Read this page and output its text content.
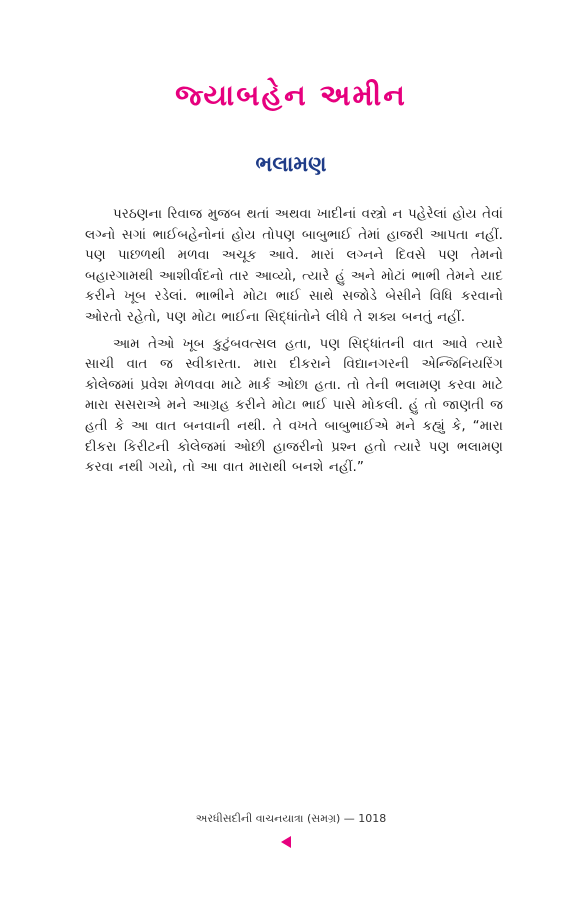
જ્યાબહેન અમીન
ભલામણ

પરઠણના રિવાજ મુજબ થતાં અથવા ખાદીનાં વસ્ત્રો ન પહેરેલાં હોય તેવાં લગ્નો સગાં ભાઈબહેનોનાં હોય તોપણ બાબુભાઈ તેમાં હાજરી આપતા નહીં. પણ પાછળથી મળવા અચૂક આવે. મારાં લગ્નને દિવસે પણ તેમનો બહારગામથી આશીર્વાદનો તાર આવ્યો, ત્યારે હું અને મોટાં ભાભી તેમને યાદ કરીને ખૂબ રડેલાં. ભાભીને મોટા ભાઈ સાથે સજોડે બેસીને વિધિ કરવાનો ઓરતો રહેતો, પણ મોટા ભાઈના સિદ્ધાંતોને લીધે તે શક્ય બનતું નહીં.

આમ તેઓ ખૂબ કુટુંબવત્સલ હતા, પણ સિદ્ધાંતની વાત આવે ત્યારે સાચી વાત જ સ્વીકારતા. મારા દીકરાને વિદ્યાનગરની એન્જિનિયરિંગ કોલેજમાં પ્રવેશ મેળવવા માટે માર્ક ઓછા હતા. તો તેની ભલામણ કરવા માટે મારા સસરાએ મને આગ્રહ કરીને મોટા ભાઈ પાસે મોકલી. હું તો જાણતી જ હતી કે આ વાત બનવાની નથી. તે વખતે બાબુભાઈએ મને કહ્યું કે, “મારા દીકરા કિરીટની કોલેજમાં ઓછી હાજરીનો પ્રશ્ન હતો ત્યારે પણ ભલામણ કરવા નથી ગયો, તો આ વાત મારાથી બનશે નહીં.”

અરધીસદીની વાચનયાત્રા (સમગ્ર) — 1018
